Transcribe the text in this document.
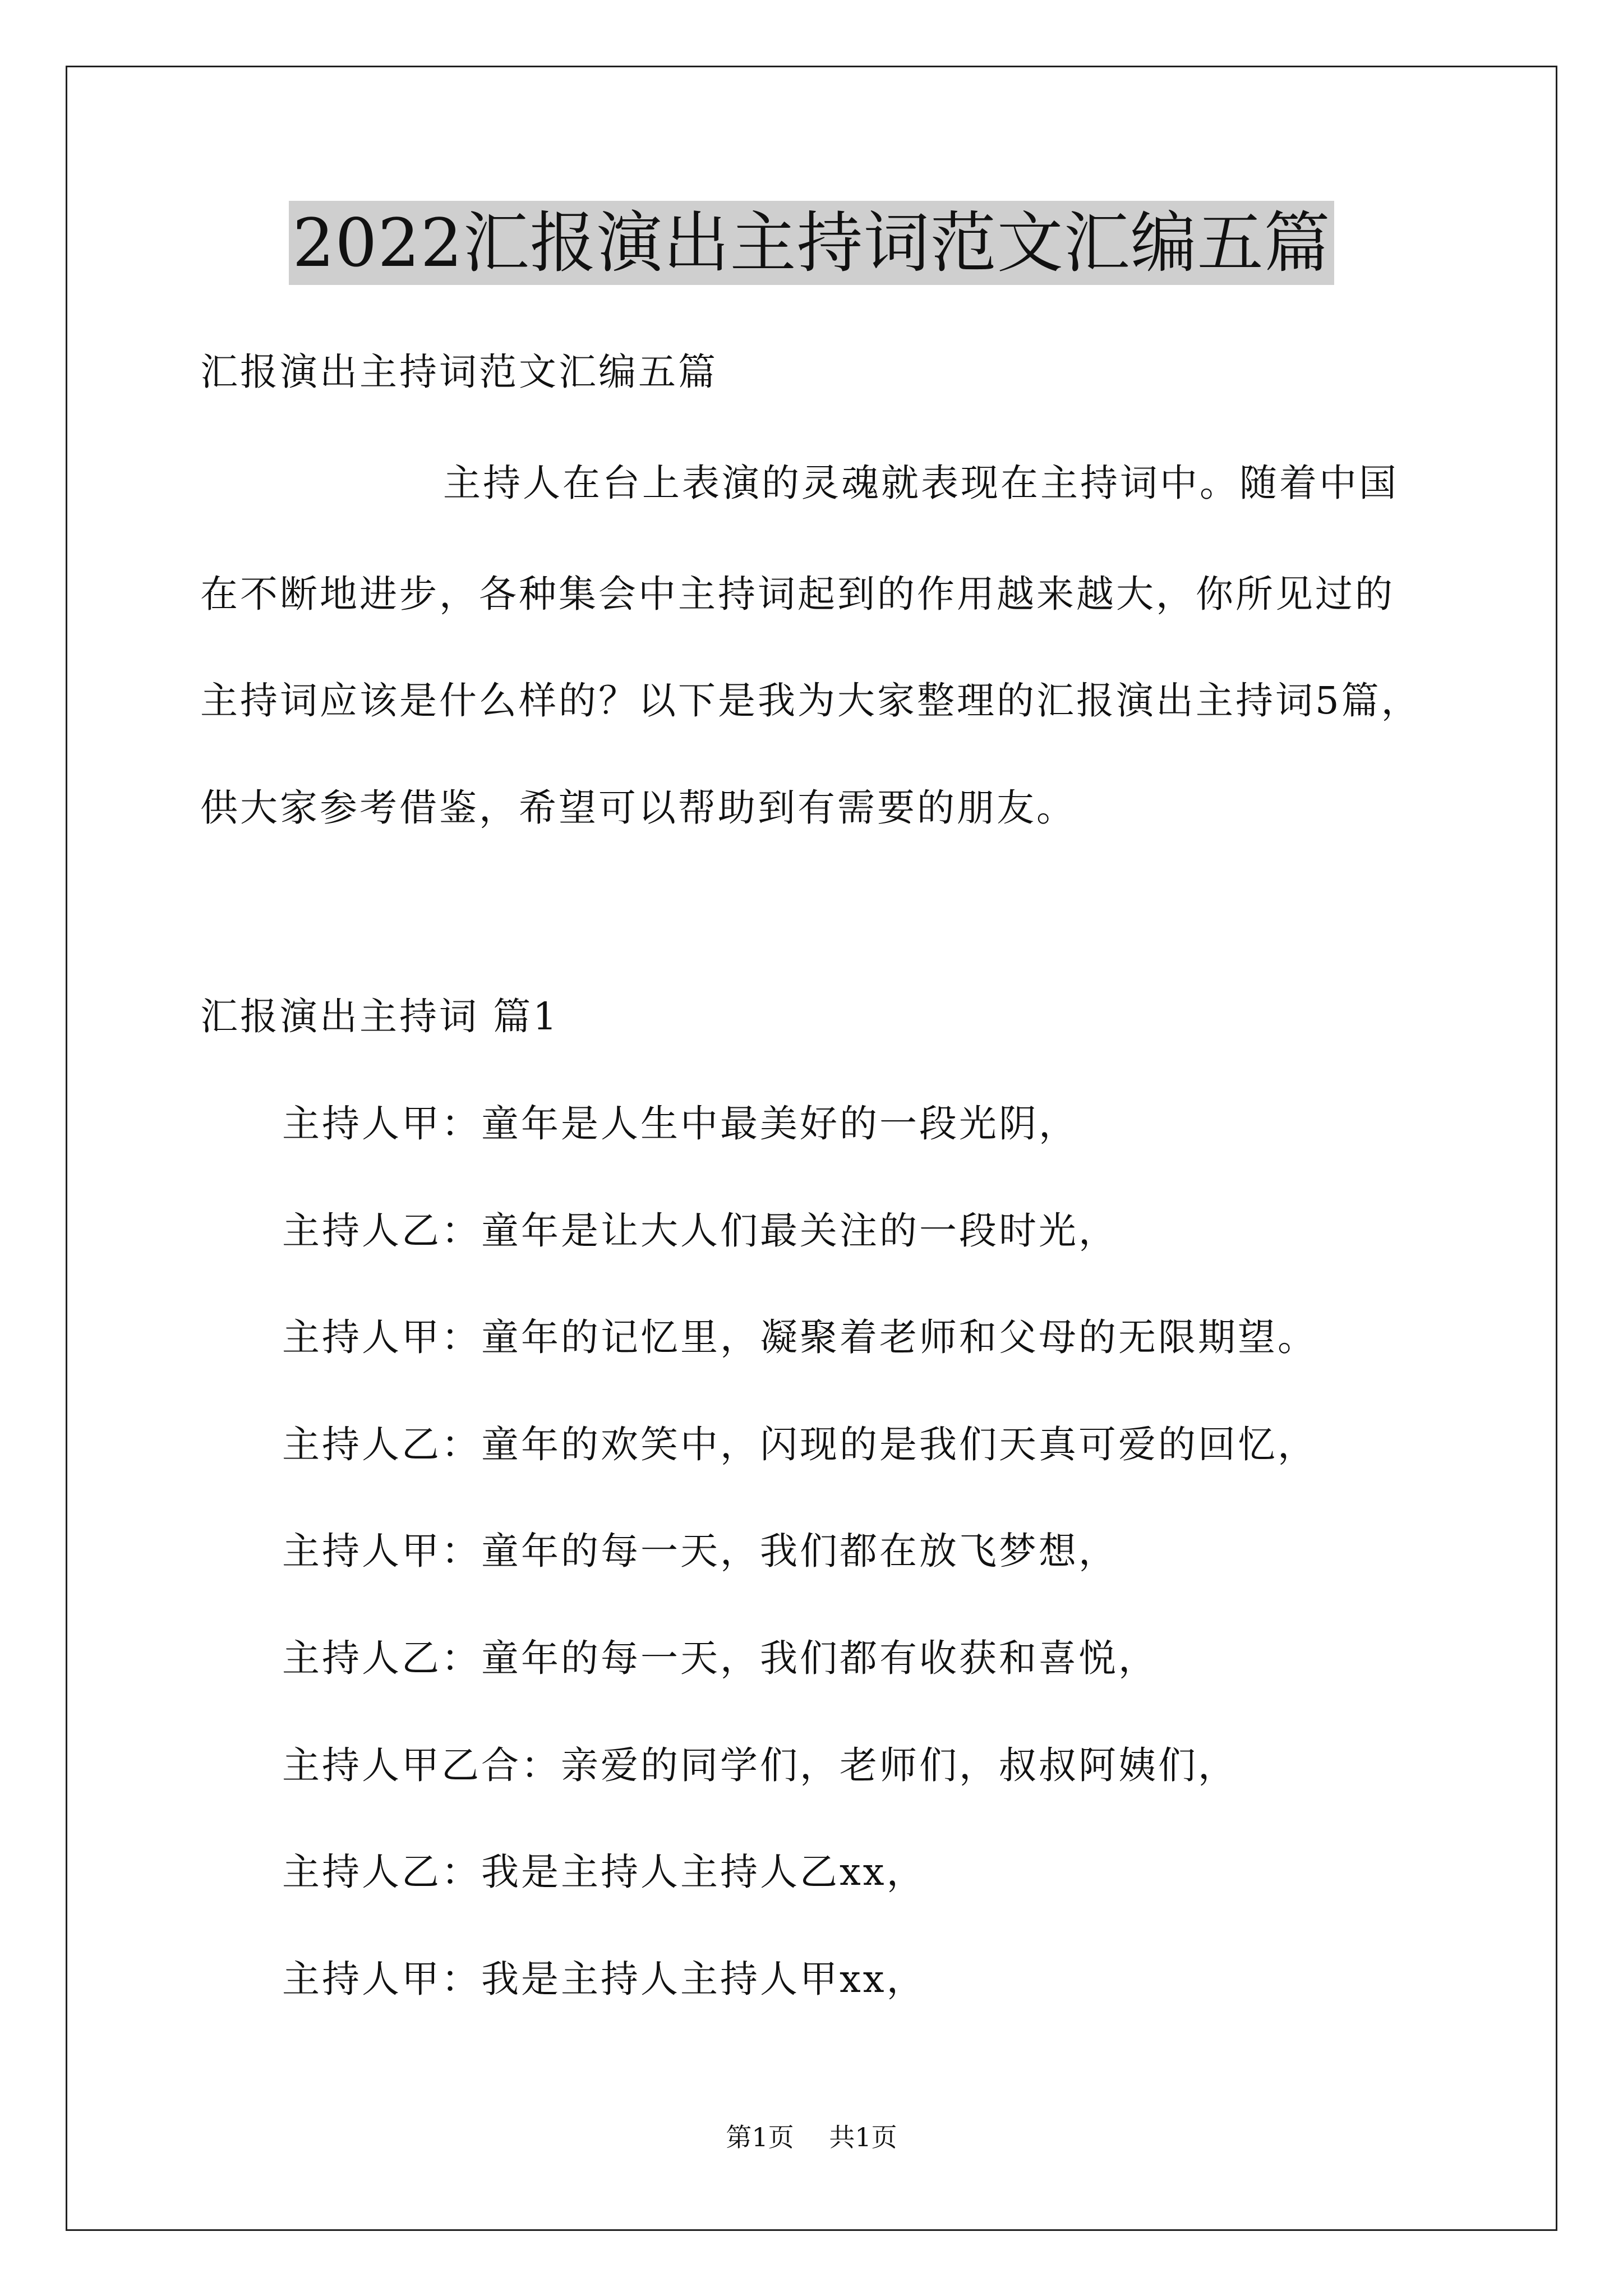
2022汇报演出主持词范文汇编五篇
汇报演出主持词范文汇编五篇
主持人在台上表演的灵魂就表现在主持词中。随着中国
在不断地进步，各种集会中主持词起到的作用越来越大，你所见过的
主持词应该是什么样的？以下是我为大家整理的汇报演出主持词5篇，
供大家参考借鉴，希望可以帮助到有需要的朋友。
汇报演出主持词 篇1
主持人甲：童年是人生中最美好的一段光阴，
主持人乙：童年是让大人们最关注的一段时光，
主持人甲：童年的记忆里，凝聚着老师和父母的无限期望。
主持人乙：童年的欢笑中，闪现的是我们天真可爱的回忆，
主持人甲：童年的每一天，我们都在放飞梦想，
主持人乙：童年的每一天，我们都有收获和喜悦，
主持人甲乙合：亲爱的同学们，老师们，叔叔阿姨们，
主持人乙：我是主持人主持人乙xx，
主持人甲：我是主持人主持人甲xx，
第1页 共1页
